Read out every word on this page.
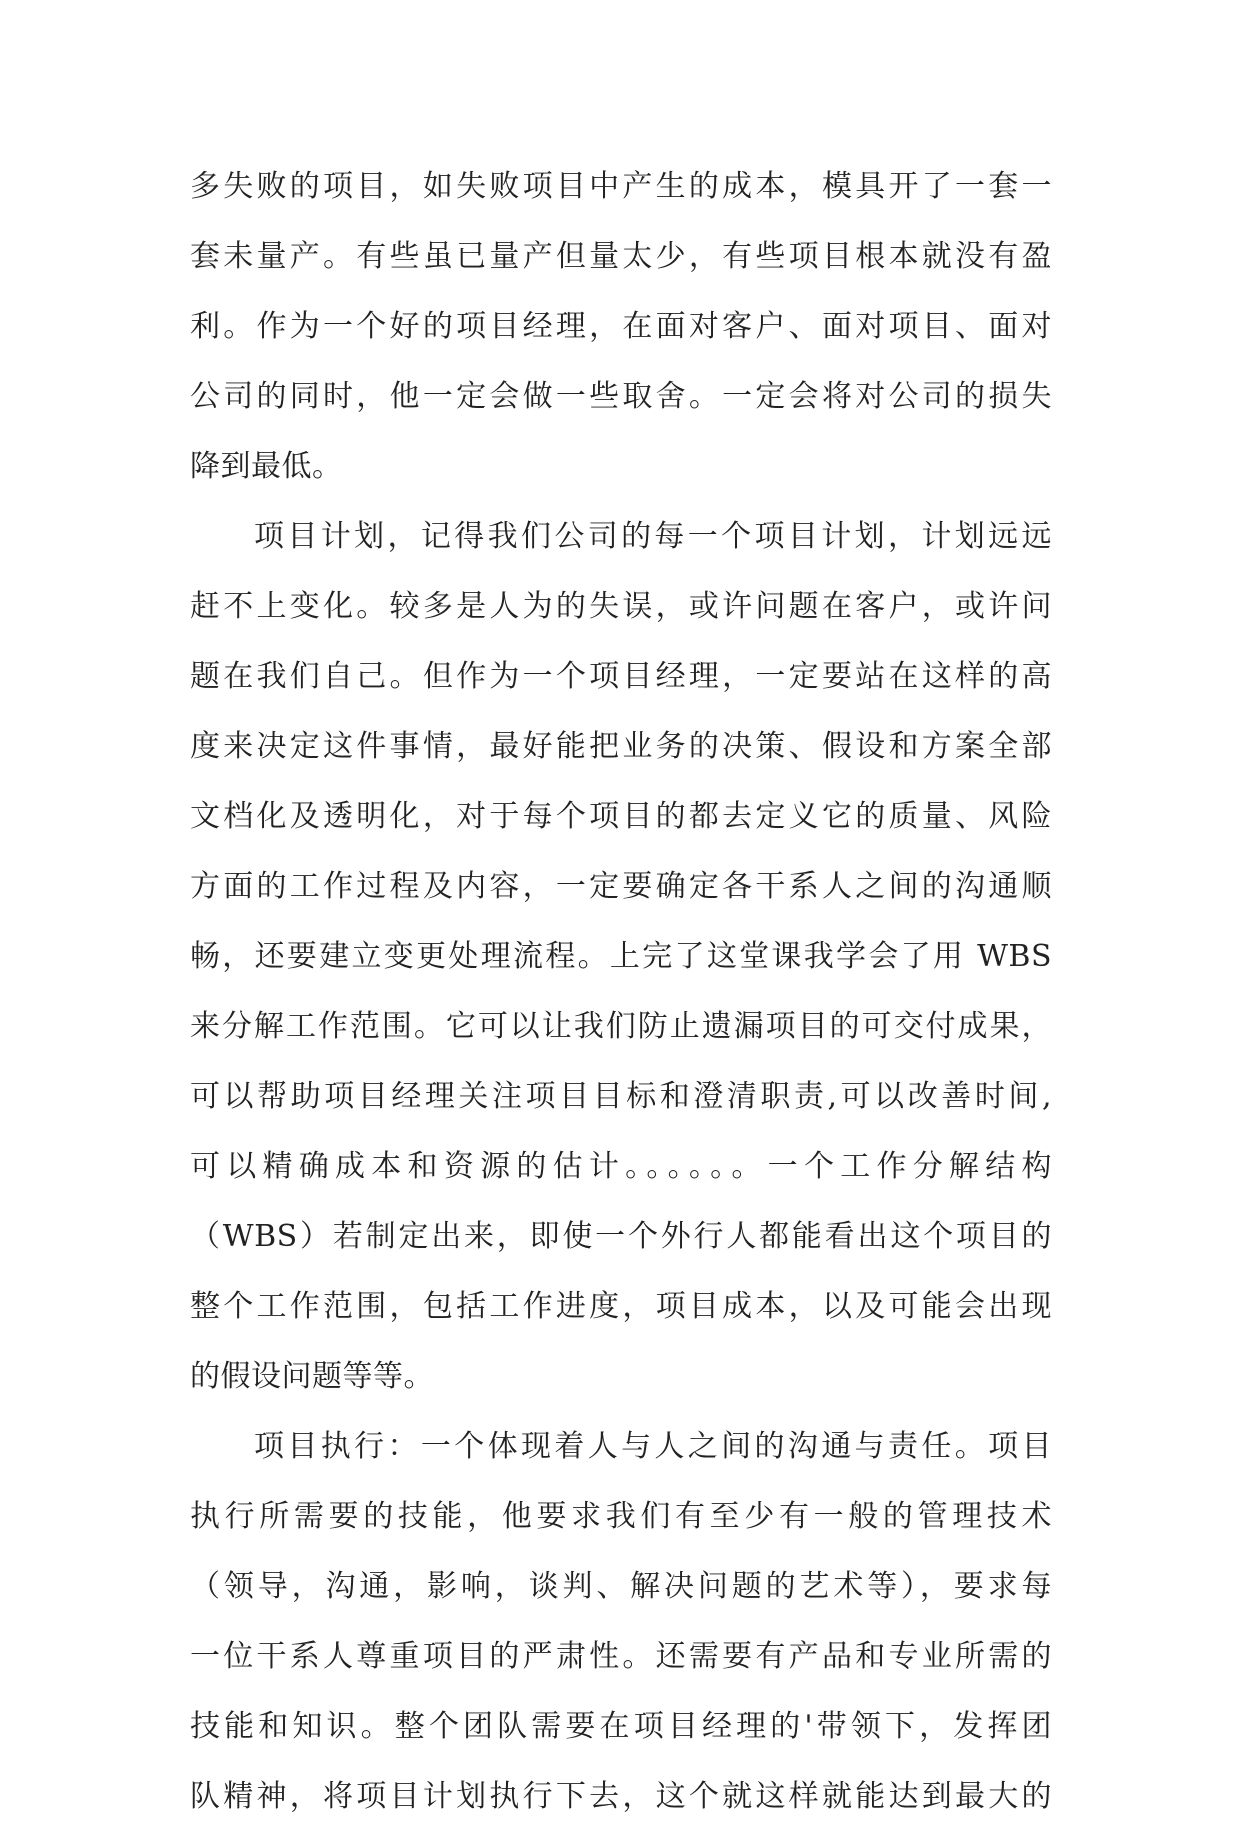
多失败的项目，如失败项目中产生的成本，模具开了一套一
套未量产。有些虽已量产但量太少，有些项目根本就没有盈
利。作为一个好的项目经理，在面对客户、面对项目、面对
公司的同时，他一定会做一些取舍。一定会将对公司的损失
降到最低。
项目计划，记得我们公司的每一个项目计划，计划远远
赶不上变化。较多是人为的失误，或许问题在客户，或许问
题在我们自己。但作为一个项目经理，一定要站在这样的高
度来决定这件事情，最好能把业务的决策、假设和方案全部
文档化及透明化，对于每个项目的都去定义它的质量、风险
方面的工作过程及内容，一定要确定各干系人之间的沟通顺
畅，还要建立变更处理流程。上完了这堂课我学会了用 WBS
来分解工作范围。它可以让我们防止遗漏项目的可交付成果，
可以帮助项目经理关注项目目标和澄清职责,可以改善时间,
可以精确成本和资源的估计。。。。。。一个工作分解结构
（WBS）若制定出来，即使一个外行人都能看出这个项目的
整个工作范围，包括工作进度，项目成本，以及可能会出现
的假设问题等等。
项目执行：一个体现着人与人之间的沟通与责任。项目
执行所需要的技能，他要求我们有至少有一般的管理技术
（领导，沟通，影响，谈判、解决问题的艺术等），要求每
一位干系人尊重项目的严肃性。还需要有产品和专业所需的
技能和知识。整个团队需要在项目经理的'带领下，发挥团
队精神，将项目计划执行下去，这个就这样就能达到最大的
